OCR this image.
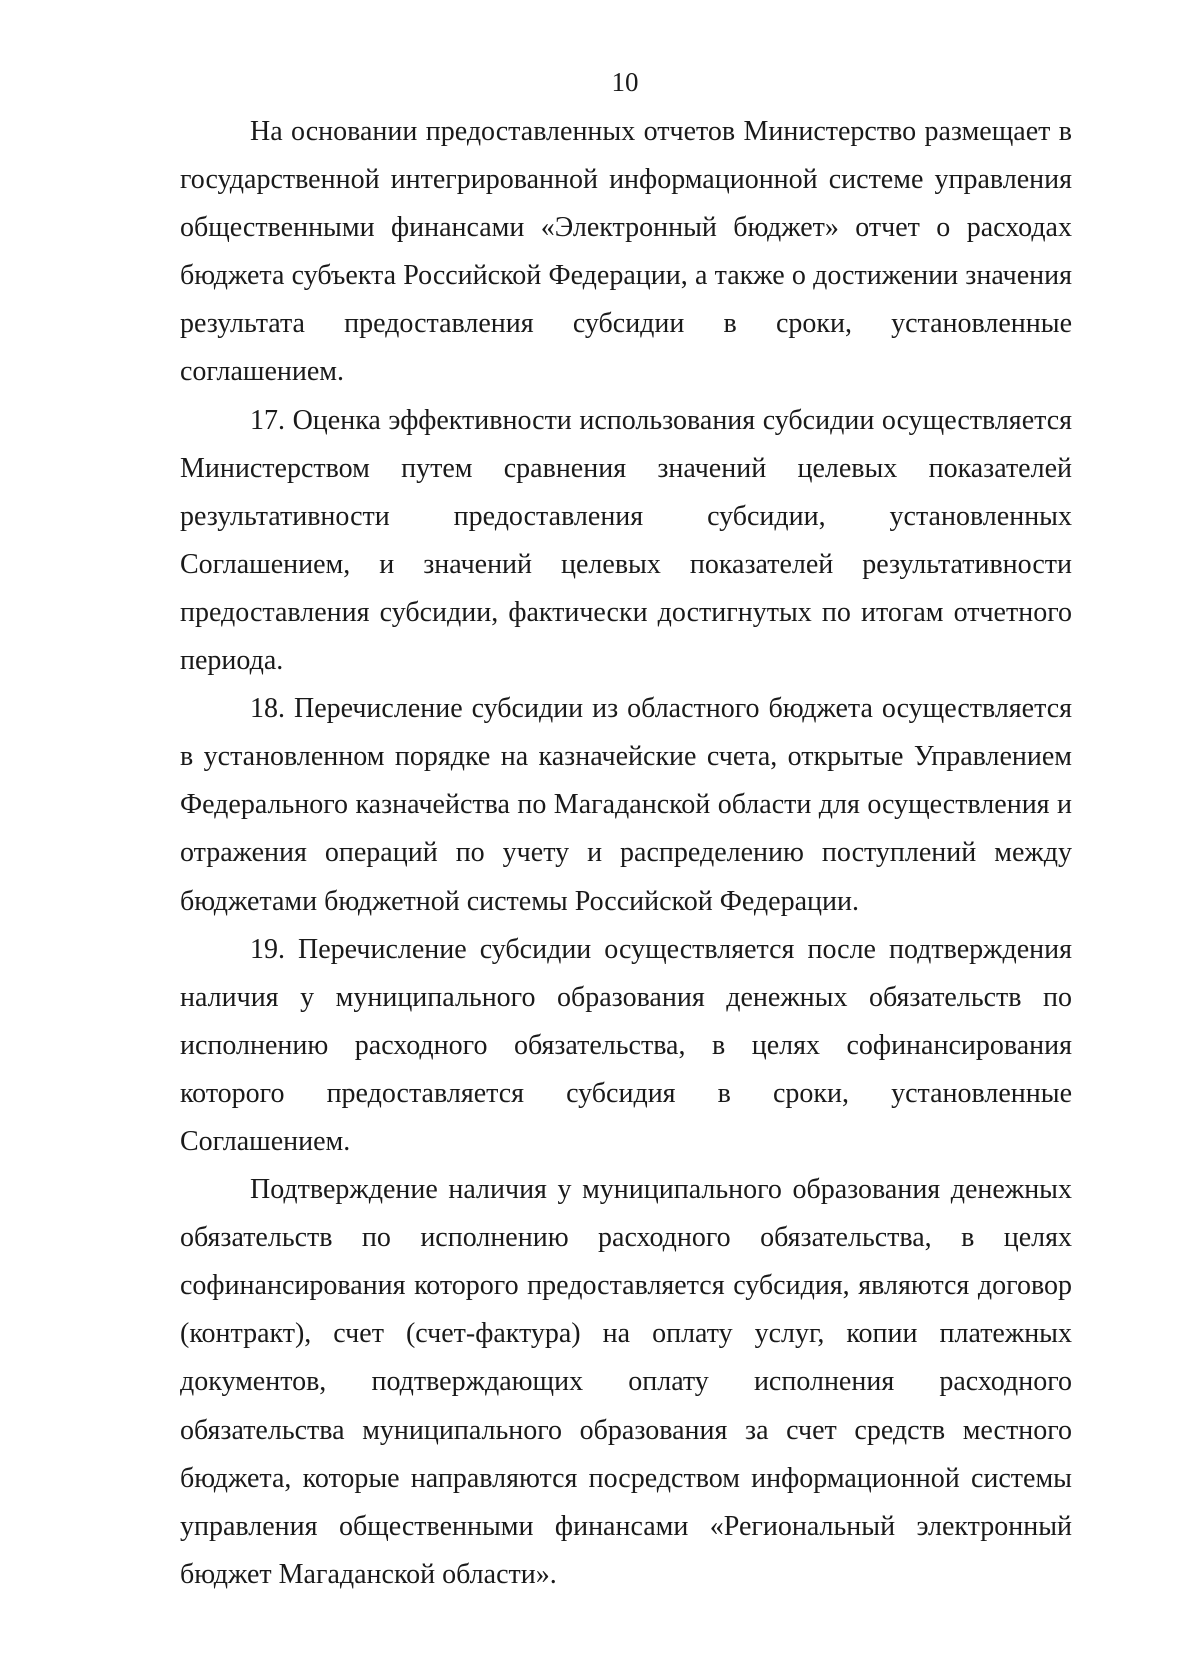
10

На основании предоставленных отчетов Министерство размещает в государственной интегрированной информационной системе управления общественными финансами «Электронный бюджет» отчет о расходах бюджета субъекта Российской Федерации, а также о достижении значения результата предоставления субсидии в сроки, установленные соглашением.

17. Оценка эффективности использования субсидии осуществляется Министерством путем сравнения значений целевых показателей результативности предоставления субсидии, установленных Соглашением, и значений целевых показателей результативности предоставления субсидии, фактически достигнутых по итогам отчетного периода.

18. Перечисление субсидии из областного бюджета осуществляется в установленном порядке на казначейские счета, открытые Управлением Федерального казначейства по Магаданской области для осуществления и отражения операций по учету и распределению поступлений между бюджетами бюджетной системы Российской Федерации.

19. Перечисление субсидии осуществляется после подтверждения наличия у муниципального образования денежных обязательств по исполнению расходного обязательства, в целях софинансирования которого предоставляется субсидия в сроки, установленные Соглашением.

Подтверждение наличия у муниципального образования денежных обязательств по исполнению расходного обязательства, в целях софинансирования которого предоставляется субсидия, являются договор (контракт), счет (счет-фактура) на оплату услуг, копии платежных документов, подтверждающих оплату исполнения расходного обязательства муниципального образования за счет средств местного бюджета, которые направляются посредством информационной системы управления общественными финансами «Региональный электронный бюджет Магаданской области».
